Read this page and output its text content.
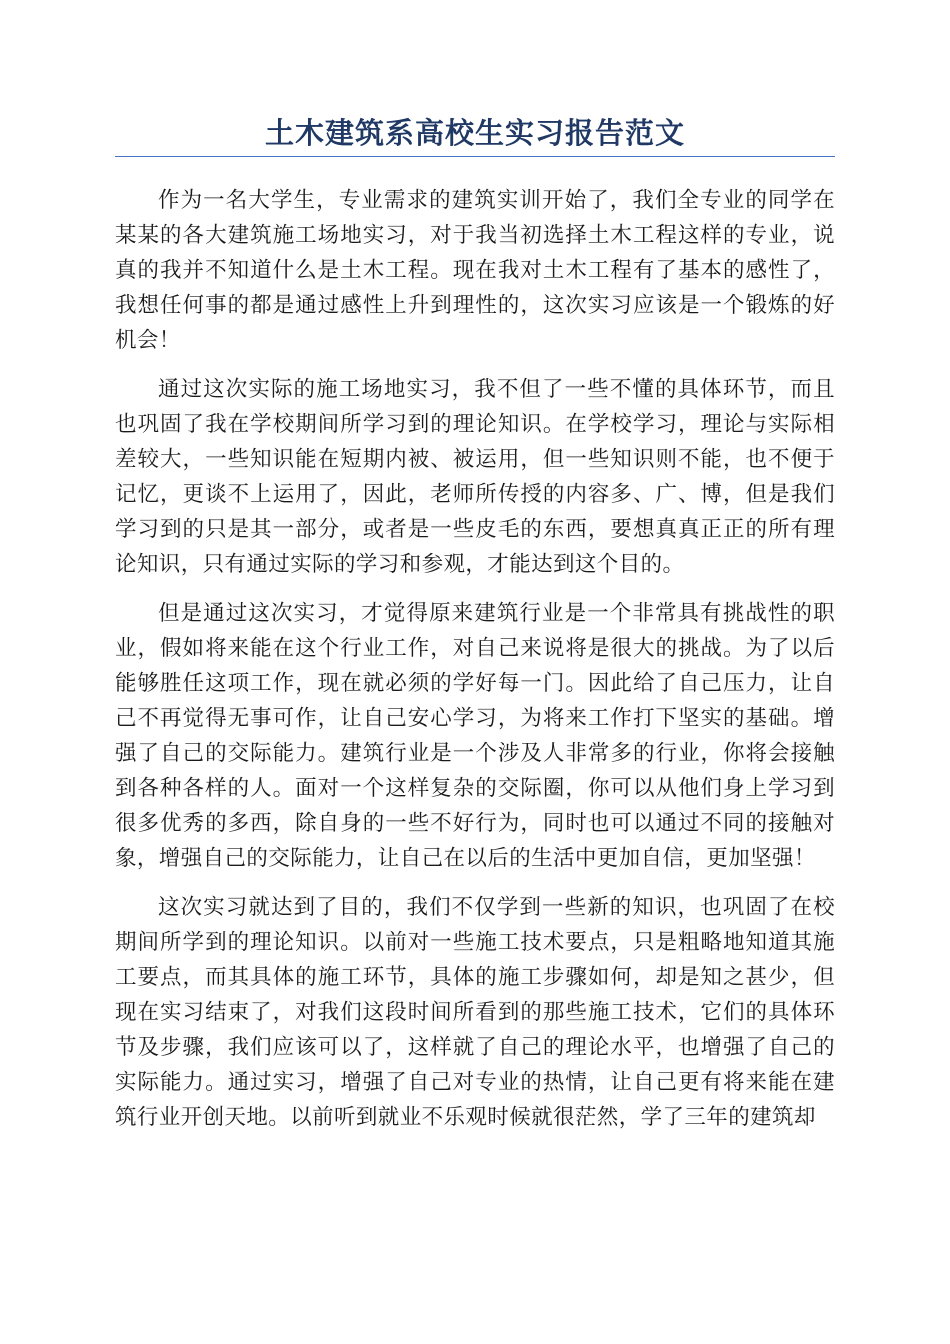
土木建筑系高校生实习报告范文

作为一名大学生，专业需求的建筑实训开始了，我们全专业的同学在某某的各大建筑施工场地实习，对于我当初选择土木工程这样的专业，说真的我并不知道什么是土木工程。现在我对土木工程有了基本的感性了，我想任何事的都是通过感性上升到理性的，这次实习应该是一个锻炼的好机会！

通过这次实际的施工场地实习，我不但了一些不懂的具体环节，而且也巩固了我在学校期间所学习到的理论知识。在学校学习，理论与实际相差较大，一些知识能在短期内被、被运用，但一些知识则不能，也不便于记忆，更谈不上运用了，因此，老师所传授的内容多、广、博，但是我们学习到的只是其一部分，或者是一些皮毛的东西，要想真真正正的所有理论知识，只有通过实际的学习和参观，才能达到这个目的。

但是通过这次实习，才觉得原来建筑行业是一个非常具有挑战性的职业，假如将来能在这个行业工作，对自己来说将是很大的挑战。为了以后能够胜任这项工作，现在就必须的学好每一门。因此给了自己压力，让自己不再觉得无事可作，让自己安心学习，为将来工作打下坚实的基础。增强了自己的交际能力。建筑行业是一个涉及人非常多的行业，你将会接触到各种各样的人。面对一个这样复杂的交际圈，你可以从他们身上学习到很多优秀的多西，除自身的一些不好行为，同时也可以通过不同的接触对象，增强自己的交际能力，让自己在以后的生活中更加自信，更加坚强！

这次实习就达到了目的，我们不仅学到一些新的知识，也巩固了在校期间所学到的理论知识。以前对一些施工技术要点，只是粗略地知道其施工要点，而其具体的施工环节，具体的施工步骤如何，却是知之甚少，但现在实习结束了，对我们这段时间所看到的那些施工技术，它们的具体环节及步骤，我们应该可以了，这样就了自己的理论水平，也增强了自己的实际能力。通过实习，增强了自己对专业的热情，让自己更有将来能在建筑行业开创天地。以前听到就业不乐观时候就很茫然，学了三年的建筑却
